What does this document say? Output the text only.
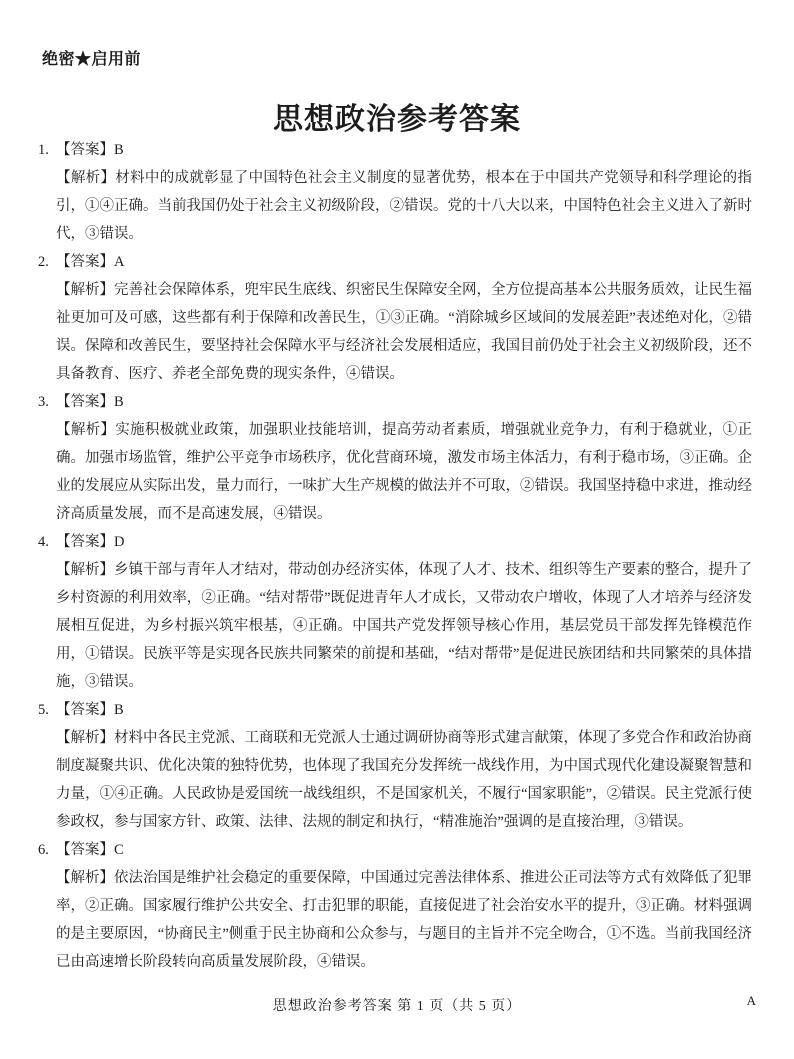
绝密★启用前
思想政治参考答案
1. 【答案】B
【解析】材料中的成就彰显了中国特色社会主义制度的显著优势，根本在于中国共产党领导和科学理论的指引，①④正确。当前我国仍处于社会主义初级阶段，②错误。党的十八大以来，中国特色社会主义进入了新时代，③错误。
2. 【答案】A
【解析】完善社会保障体系，兜牢民生底线、织密民生保障安全网，全方位提高基本公共服务质效，让民生福祉更加可及可感，这些都有利于保障和改善民生，①③正确。“消除城乡区域间的发展差距”表述绝对化，②错误。保障和改善民生，要坚持社会保障水平与经济社会发展相适应，我国目前仍处于社会主义初级阶段，还不具备教育、医疗、养老全部免费的现实条件，④错误。
3. 【答案】B
【解析】实施积极就业政策，加强职业技能培训，提高劳动者素质，增强就业竞争力，有利于稳就业，①正确。加强市场监管，维护公平竞争市场秩序，优化营商环境，激发市场主体活力，有利于稳市场，③正确。企业的发展应从实际出发，量力而行，一味扩大生产规模的做法并不可取，②错误。我国坚持稳中求进，推动经济高质量发展，而不是高速发展，④错误。
4. 【答案】D
【解析】乡镇干部与青年人才结对，带动创办经济实体，体现了人才、技术、组织等生产要素的整合，提升了乡村资源的利用效率，②正确。“结对帮带”既促进青年人才成长，又带动农户增收，体现了人才培养与经济发展相互促进，为乡村振兴筑牢根基，④正确。中国共产党发挥领导核心作用，基层党员干部发挥先锋模范作用，①错误。民族平等是实现各民族共同繁荣的前提和基础，“结对帮带”是促进民族团结和共同繁荣的具体措施，③错误。
5. 【答案】B
【解析】材料中各民主党派、工商联和无党派人士通过调研协商等形式建言献策，体现了多党合作和政治协商制度凝聚共识、优化决策的独特优势，也体现了我国充分发挥统一战线作用，为中国式现代化建设凝聚智慧和力量，①④正确。人民政协是爱国统一战线组织，不是国家机关，不履行“国家职能”，②错误。民主党派行使参政权，参与国家方针、政策、法律、法规的制定和执行，“精准施治”强调的是直接治理，③错误。
6. 【答案】C
【解析】依法治国是维护社会稳定的重要保障，中国通过完善法律体系、推进公正司法等方式有效降低了犯罪率，②正确。国家履行维护公共安全、打击犯罪的职能，直接促进了社会治安水平的提升，③正确。材料强调的是主要原因，“协商民主”侧重于民主协商和公众参与，与题目的主旨并不完全吻合，①不选。当前我国经济已由高速增长阶段转向高质量发展阶段，④错误。
思想政治参考答案 第 1 页（共 5 页）	A
